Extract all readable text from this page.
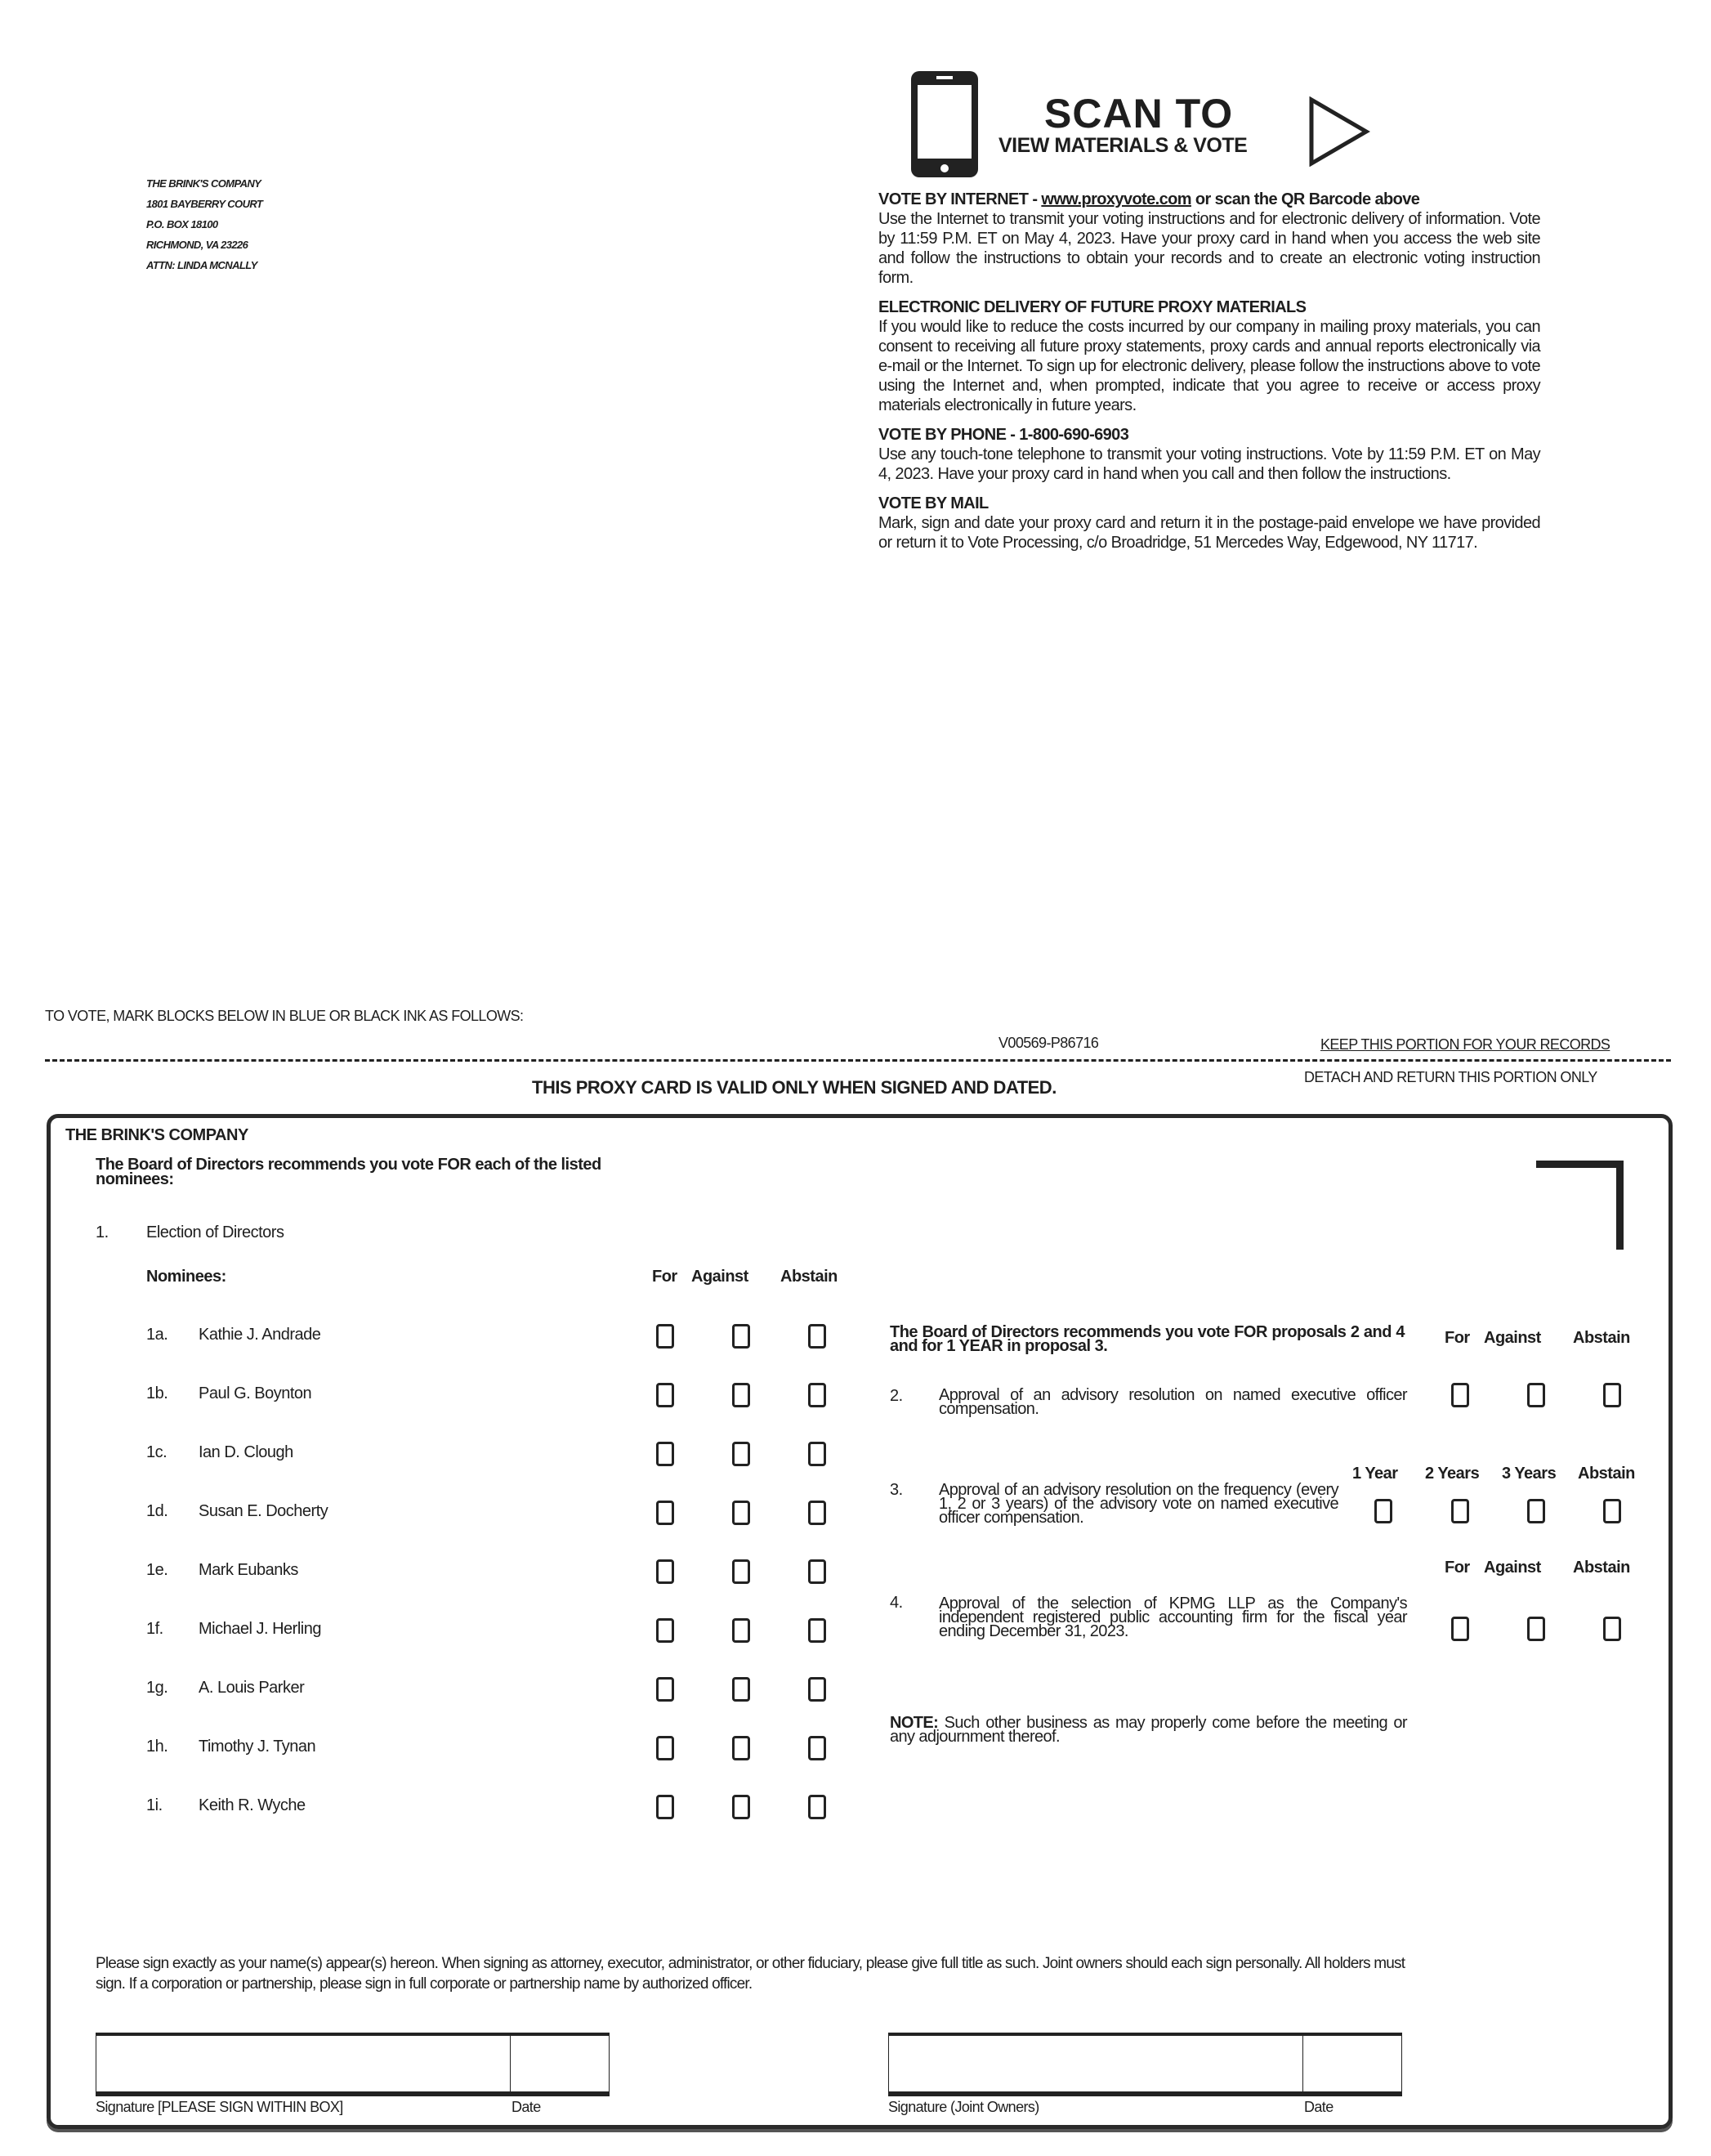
THE BRINK'S COMPANY
1801 BAYBERRY COURT
P.O. BOX 18100
RICHMOND, VA 23226
ATTN: LINDA MCNALLY
SCAN TO
VIEW MATERIALS & VOTE
VOTE BY INTERNET - www.proxyvote.com or scan the QR Barcode above

Use the Internet to transmit your voting instructions and for electronic delivery of information. Vote by 11:59 P.M. ET on May 4, 2023. Have your proxy card in hand when you access the web site and follow the instructions to obtain your records and to create an electronic voting instruction form.

ELECTRONIC DELIVERY OF FUTURE PROXY MATERIALS

If you would like to reduce the costs incurred by our company in mailing proxy materials, you can consent to receiving all future proxy statements, proxy cards and annual reports electronically via e-mail or the Internet. To sign up for electronic delivery, please follow the instructions above to vote using the Internet and, when prompted, indicate that you agree to receive or access proxy materials electronically in future years.

VOTE BY PHONE - 1-800-690-6903

Use any touch-tone telephone to transmit your voting instructions. Vote by 11:59 P.M. ET on May 4, 2023. Have your proxy card in hand when you call and then follow the instructions.

VOTE BY MAIL

Mark, sign and date your proxy card and return it in the postage-paid envelope we have provided or return it to Vote Processing, c/o Broadridge, 51 Mercedes Way, Edgewood, NY 11717.

TO VOTE, MARK BLOCKS BELOW IN BLUE OR BLACK INK AS FOLLOWS:
V00569-P86716	KEEP THIS PORTION FOR YOUR RECORDS
DETACH AND RETURN THIS PORTION ONLY
THIS PROXY CARD IS VALID ONLY WHEN SIGNED AND DATED.
THE BRINK'S COMPANY
The Board of Directors recommends you vote FOR each of the listed nominees:
1. Election of Directors
Nominees:	For Against Abstain
1a. Kathie J. Andrade
1b. Paul G. Boynton
1c. Ian D. Clough
1d. Susan E. Docherty
1e. Mark Eubanks
1f. Michael J. Herling
1g. A. Louis Parker
1h. Timothy J. Tynan
1i. Keith R. Wyche
The Board of Directors recommends you vote FOR proposals 2 and 4 and for 1 YEAR in proposal 3.	For Against Abstain
2. Approval of an advisory resolution on named executive officer compensation.
1 Year 2 Years 3 Years Abstain
3. Approval of an advisory resolution on the frequency (every 1, 2 or 3 years) of the advisory vote on named executive officer compensation.
For Against Abstain
4. Approval of the selection of KPMG LLP as the Company's independent registered public accounting firm for the fiscal year ending December 31, 2023.
NOTE: Such other business as may properly come before the meeting or any adjournment thereof.
Please sign exactly as your name(s) appear(s) hereon. When signing as attorney, executor, administrator, or other fiduciary, please give full title as such. Joint owners should each sign personally. All holders must sign. If a corporation or partnership, please sign in full corporate or partnership name by authorized officer.
Signature [PLEASE SIGN WITHIN BOX]	Date	Signature (Joint Owners)	Date
